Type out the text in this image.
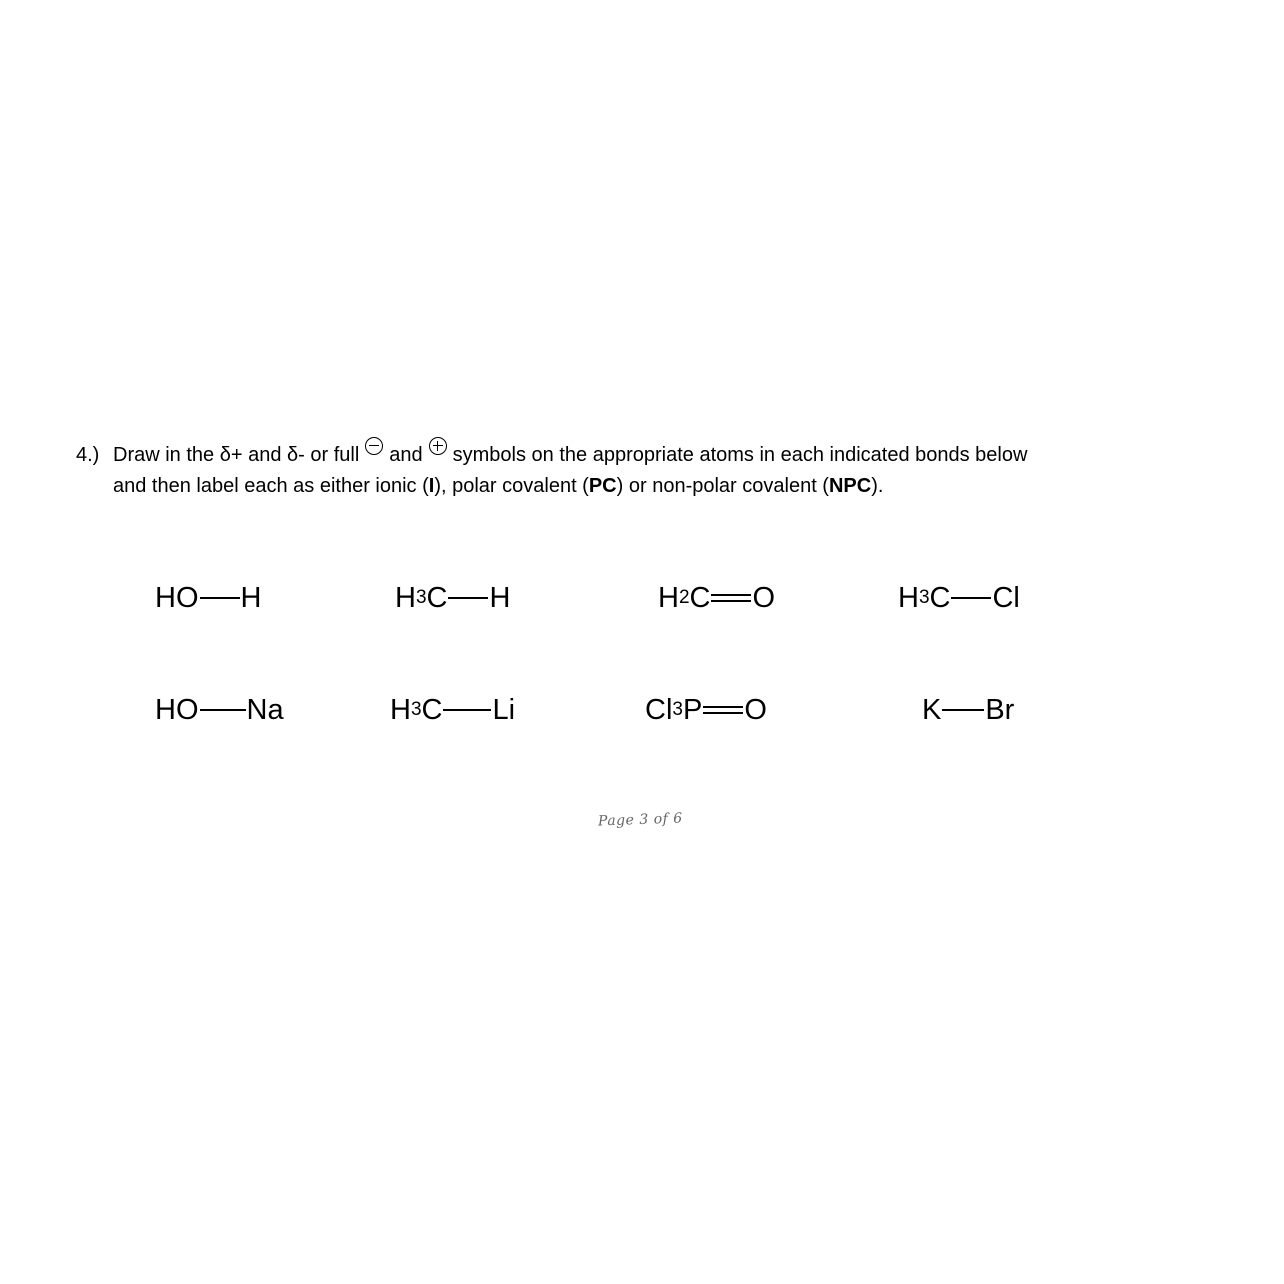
4.) Draw in the δ+ and δ- or full and symbols on the appropriate atoms in each indicated bonds below
and then label each as either ionic (I), polar covalent (PC) or non-polar covalent (NPC).
HO H	H 3 C H	H 2 C O	H 3 C Cl
HO Na	H 3 C Li	Cl 3 P O	K Br
Page 3 of 6
